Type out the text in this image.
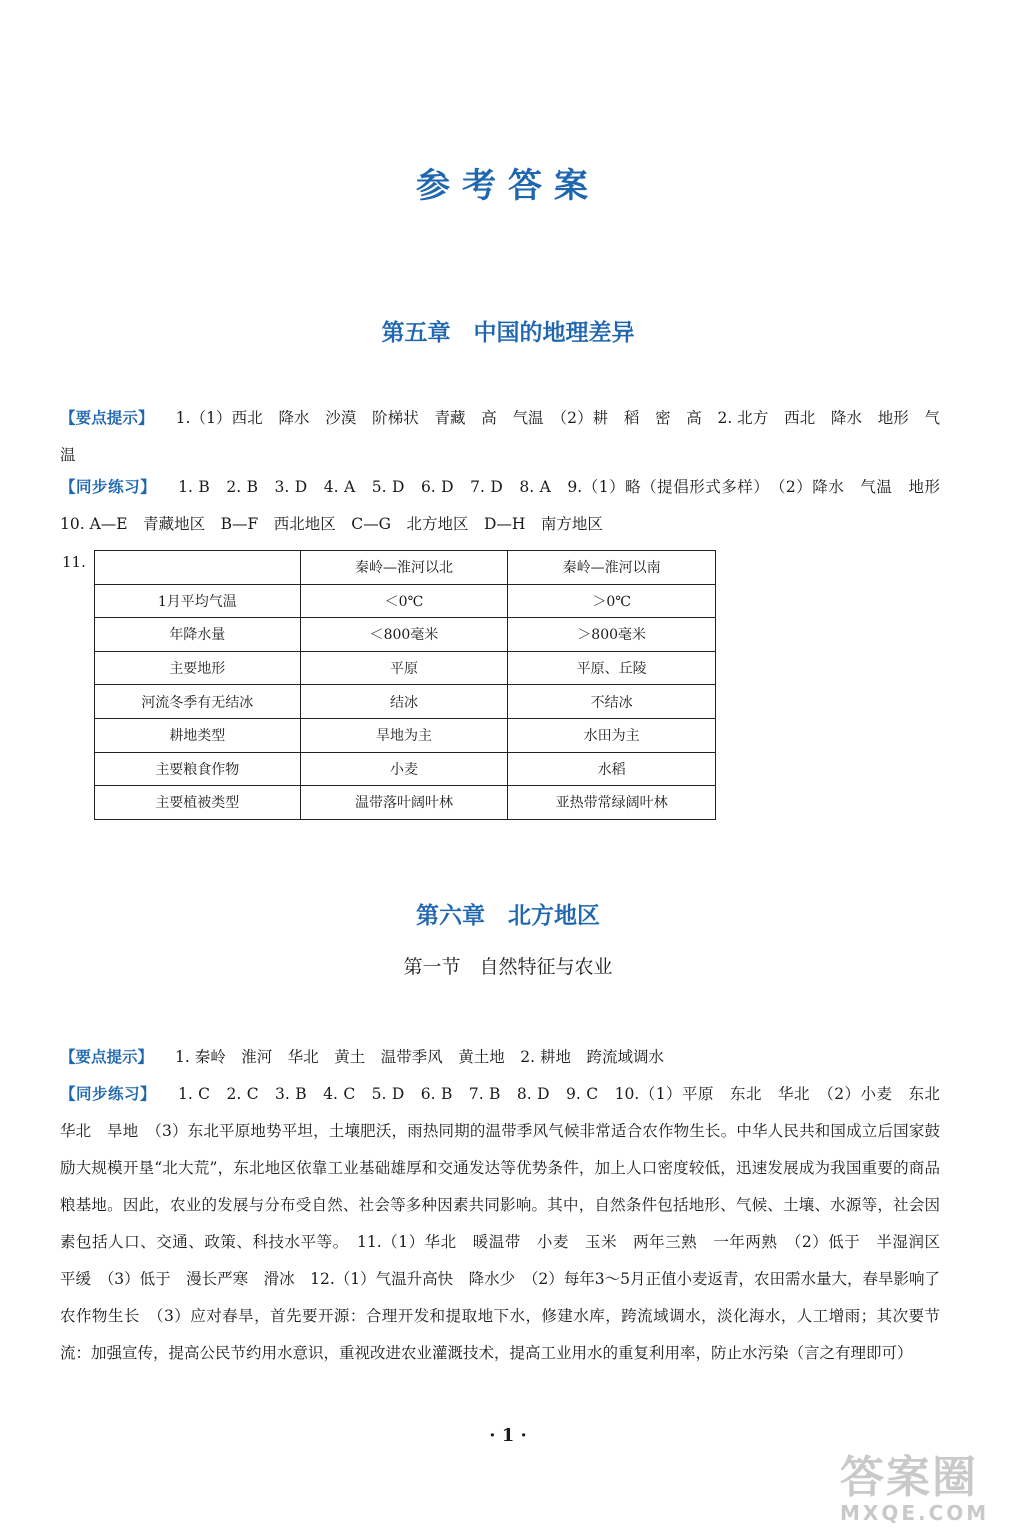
参考答案
第五章　中国的地理差异
【要点提示】 1.（1）西北　降水　沙漠　阶梯状　青藏　高　气温　（2）耕　稻　密　高　2. 北方　西北　降水　地形　气温
【同步练习】 1. B　2. B　3. D　4. A　5. D　6. D　7. D　8. A　9.（1）略（提倡形式多样）　（2）降水　气温　地形　10. A—E　青藏地区　B—F　西北地区　C—G　北方地区　D—H　南方地区
11.
		秦岭—淮河以北	秦岭—淮河以南
1月平均气温	＜0℃	＞0℃
年降水量	＜800毫米	＞800毫米
主要地形	平原	平原、丘陵
河流冬季有无结冰	结冰	不结冰
耕地类型	旱地为主	水田为主
主要粮食作物	小麦	水稻
主要植被类型	温带落叶阔叶林	亚热带常绿阔叶林
第六章　北方地区
第一节　自然特征与农业
【要点提示】 1. 秦岭　淮河　华北　黄土　温带季风　黄土地　2. 耕地　跨流域调水
【同步练习】 1. C　2. C　3. B　4. C　5. D　6. B　7. B　8. D　9. C　10.（1）平原　东北　华北　（2）小麦　东北　华北　旱地　（3）东北平原地势平坦，土壤肥沃，雨热同期的温带季风气候非常适合农作物生长。中华人民共和国成立后国家鼓励大规模开垦“北大荒”，东北地区依靠工业基础雄厚和交通发达等优势条件，加上人口密度较低，迅速发展成为我国重要的商品粮基地。因此，农业的发展与分布受自然、社会等多种因素共同影响。其中，自然条件包括地形、气候、土壤、水源等，社会因素包括人口、交通、政策、科技水平等。　11.（1）华北　暖温带　小麦　玉米　两年三熟　一年两熟　（2）低于　半湿润区　平缓　（3）低于　漫长严寒　滑冰　12.（1）气温升高快　降水少　（2）每年3～5月正值小麦返青，农田需水量大，春旱影响了农作物生长　（3）应对春旱，首先要开源：合理开发和提取地下水，修建水库，跨流域调水，淡化海水，人工增雨；其次要节流：加强宣传，提高公民节约用水意识，重视改进农业灌溉技术，提高工业用水的重复利用率，防止水污染（言之有理即可）
· 1 ·
答案圈
MXQE.COM
